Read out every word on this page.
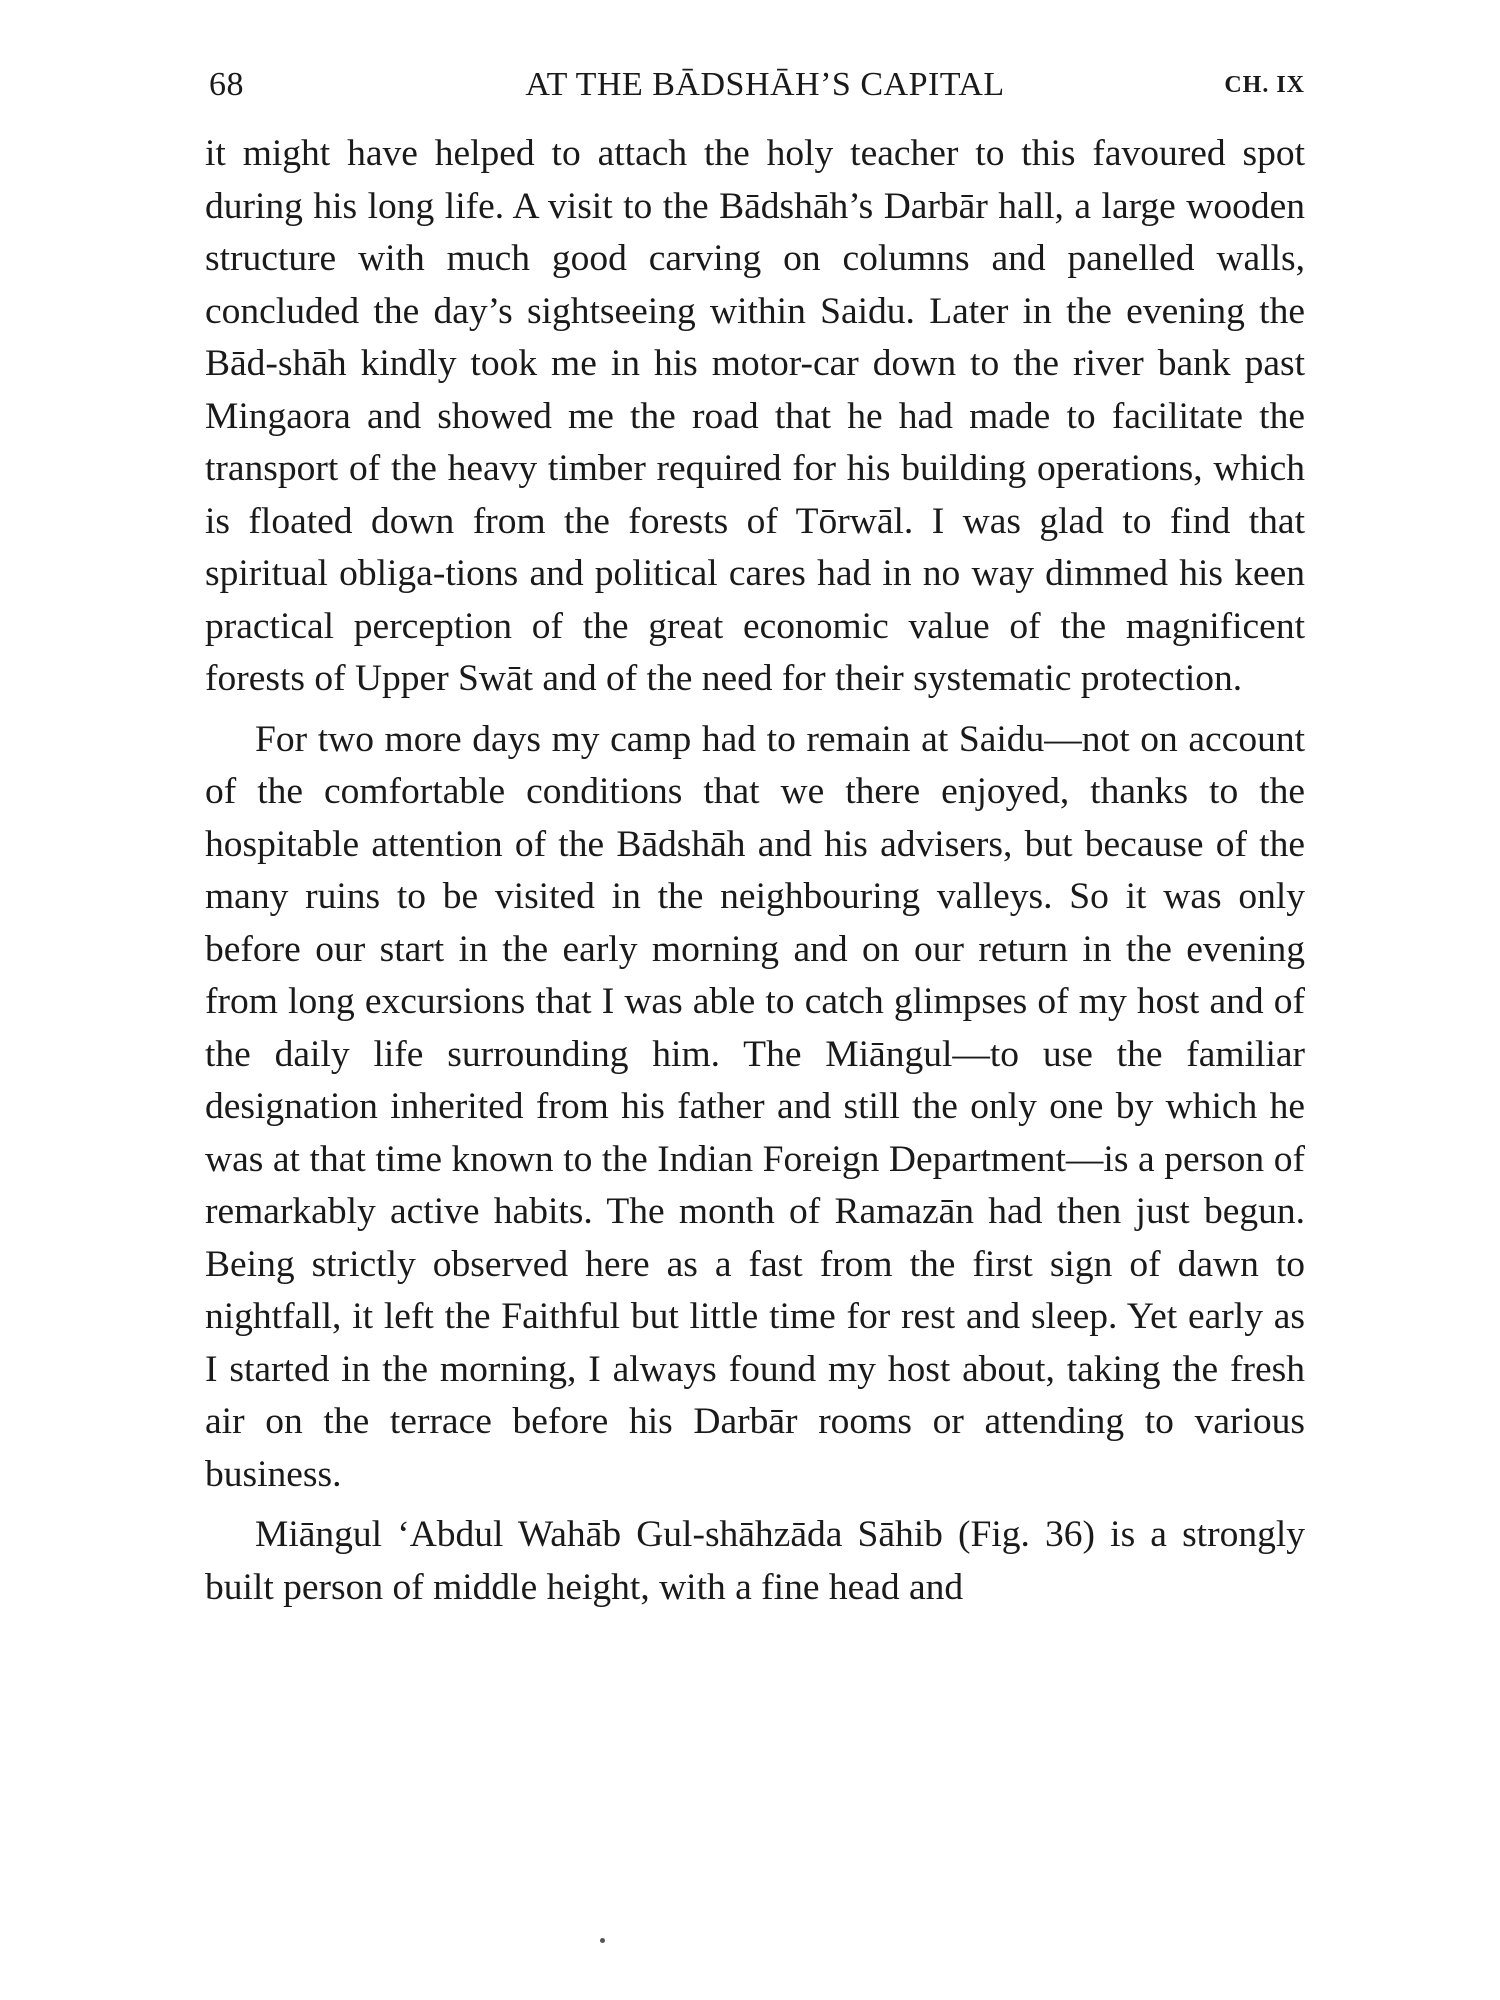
68	AT THE BĀDSHĀH’S CAPITAL	CH. IX

it might have helped to attach the holy teacher to this favoured spot during his long life. A visit to the Bādshāh’s Darbār hall, a large wooden structure with much good carving on columns and panelled walls, concluded the day’s sightseeing within Saidu. Later in the evening the Bād-shāh kindly took me in his motor-car down to the river bank past Mingaora and showed me the road that he had made to facilitate the transport of the heavy timber required for his building operations, which is floated down from the forests of Tōrwāl. I was glad to find that spiritual obliga-tions and political cares had in no way dimmed his keen practical perception of the great economic value of the magnificent forests of Upper Swāt and of the need for their systematic protection.

For two more days my camp had to remain at Saidu—not on account of the comfortable conditions that we there enjoyed, thanks to the hospitable attention of the Bādshāh and his advisers, but because of the many ruins to be visited in the neighbouring valleys. So it was only before our start in the early morning and on our return in the evening from long excursions that I was able to catch glimpses of my host and of the daily life surrounding him. The Miāngul—to use the familiar designation inherited from his father and still the only one by which he was at that time known to the Indian Foreign Department—is a person of remarkably active habits. The month of Ramazān had then just begun. Being strictly observed here as a fast from the first sign of dawn to nightfall, it left the Faithful but little time for rest and sleep. Yet early as I started in the morning, I always found my host about, taking the fresh air on the terrace before his Darbār rooms or attending to various business.

Miāngul ‘Abdul Wahāb Gul-shāhzāda Sāhib (Fig. 36) is a strongly built person of middle height, with a fine head and
